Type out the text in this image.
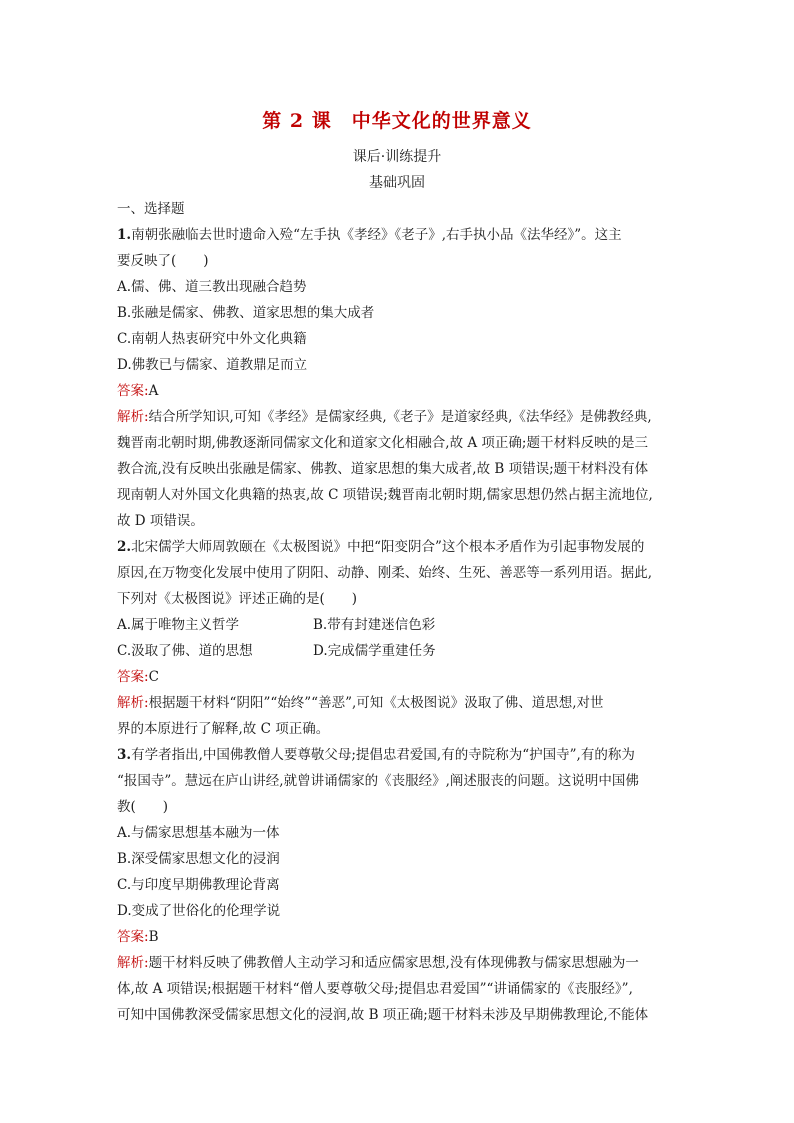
第 2 课　中华文化的世界意义
课后·训练提升
基础巩固
一、选择题
1.南朝张融临去世时遗命入殓“左手执《孝经》《老子》,右手执小品《法华经》”。这主
要反映了(　　)
A.儒、佛、道三教出现融合趋势
B.张融是儒家、佛教、道家思想的集大成者
C.南朝人热衷研究中外文化典籍
D.佛教已与儒家、道教鼎足而立
答案:A
解析:结合所学知识,可知《孝经》是儒家经典,《老子》是道家经典,《法华经》是佛教经典,
魏晋南北朝时期,佛教逐渐同儒家文化和道家文化相融合,故 A 项正确;题干材料反映的是三
教合流,没有反映出张融是儒家、佛教、道家思想的集大成者,故 B 项错误;题干材料没有体
现南朝人对外国文化典籍的热衷,故 C 项错误;魏晋南北朝时期,儒家思想仍然占据主流地位,
故 D 项错误。
2.北宋儒学大师周敦颐在《太极图说》中把“阳变阴合”这个根本矛盾作为引起事物发展的
原因,在万物变化发展中使用了阴阳、动静、刚柔、始终、生死、善恶等一系列用语。据此,
下列对《太极图说》评述正确的是(　　)
A.属于唯物主义哲学	B.带有封建迷信色彩
C.汲取了佛、道的思想	D.完成儒学重建任务
答案:C
解析:根据题干材料“阴阳”“始终”“善恶”,可知《太极图说》汲取了佛、道思想,对世
界的本原进行了解释,故 C 项正确。
3.有学者指出,中国佛教僧人要尊敬父母;提倡忠君爱国,有的寺院称为“护国寺”,有的称为
“报国寺”。慧远在庐山讲经,就曾讲诵儒家的《丧服经》,阐述服丧的问题。这说明中国佛
教(　　)
A.与儒家思想基本融为一体
B.深受儒家思想文化的浸润
C.与印度早期佛教理论背离
D.变成了世俗化的伦理学说
答案:B
解析:题干材料反映了佛教僧人主动学习和适应儒家思想,没有体现佛教与儒家思想融为一
体,故 A 项错误;根据题干材料“僧人要尊敬父母;提倡忠君爱国”“讲诵儒家的《丧服经》”,
可知中国佛教深受儒家思想文化的浸润,故 B 项正确;题干材料未涉及早期佛教理论,不能体
